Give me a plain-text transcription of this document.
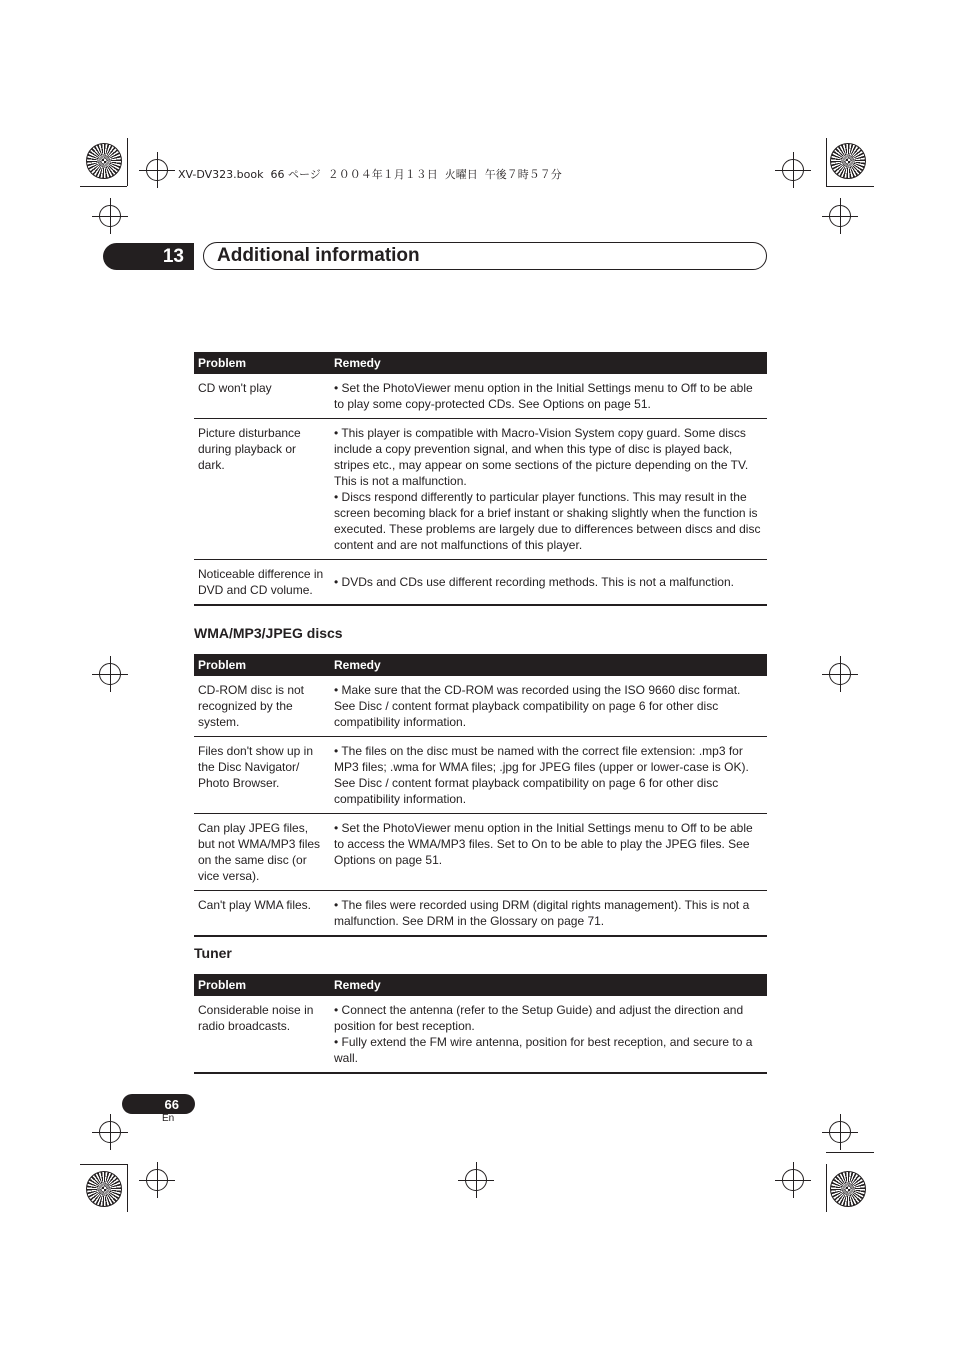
XV-DV323.book  66 ページ  ２００４年１月１３日  火曜日  午後７時５７分
13 Additional information
Problem	Remedy
CD won't play	• Set the PhotoViewer menu option in the Initial Settings menu to Off to be able to play some copy-protected CDs. See Options on page 51.
Picture disturbance during playback or dark.	• This player is compatible with Macro-Vision System copy guard. Some discs include a copy prevention signal, and when this type of disc is played back, stripes etc., may appear on some sections of the picture depending on the TV. This is not a malfunction.
• Discs respond differently to particular player functions. This may result in the screen becoming black for a brief instant or shaking slightly when the function is executed. These problems are largely due to differences between discs and disc content and are not malfunctions of this player.

Noticeable difference in DVD and CD volume.	• DVDs and CDs use different recording methods. This is not a malfunction.
WMA/MP3/JPEG discs
Problem	Remedy
CD-ROM disc is not recognized by the system.	• Make sure that the CD-ROM was recorded using the ISO 9660 disc format. See Disc / content format playback compatibility on page 6 for other disc compatibility information.
Files don't show up in the Disc Navigator/ Photo Browser.	• The files on the disc must be named with the correct file extension: .mp3 for MP3 files; .wma for WMA files; .jpg for JPEG files (upper or lower-case is OK). See Disc / content format playback compatibility on page 6 for other disc compatibility information.
Can play JPEG files, but not WMA/MP3 files on the same disc (or vice versa).	• Set the PhotoViewer menu option in the Initial Settings menu to Off to be able to access the WMA/MP3 files. Set to On to be able to play the JPEG files. See Options on page 51.
Can't play WMA files.	• The files were recorded using DRM (digital rights management). This is not a malfunction. See DRM in the Glossary on page 71.
Tuner
Problem	Remedy
Considerable noise in radio broadcasts.	• Connect the antenna (refer to the Setup Guide) and adjust the direction and position for best reception.
• Fully extend the FM wire antenna, position for best reception, and secure to a wall.
66
En
